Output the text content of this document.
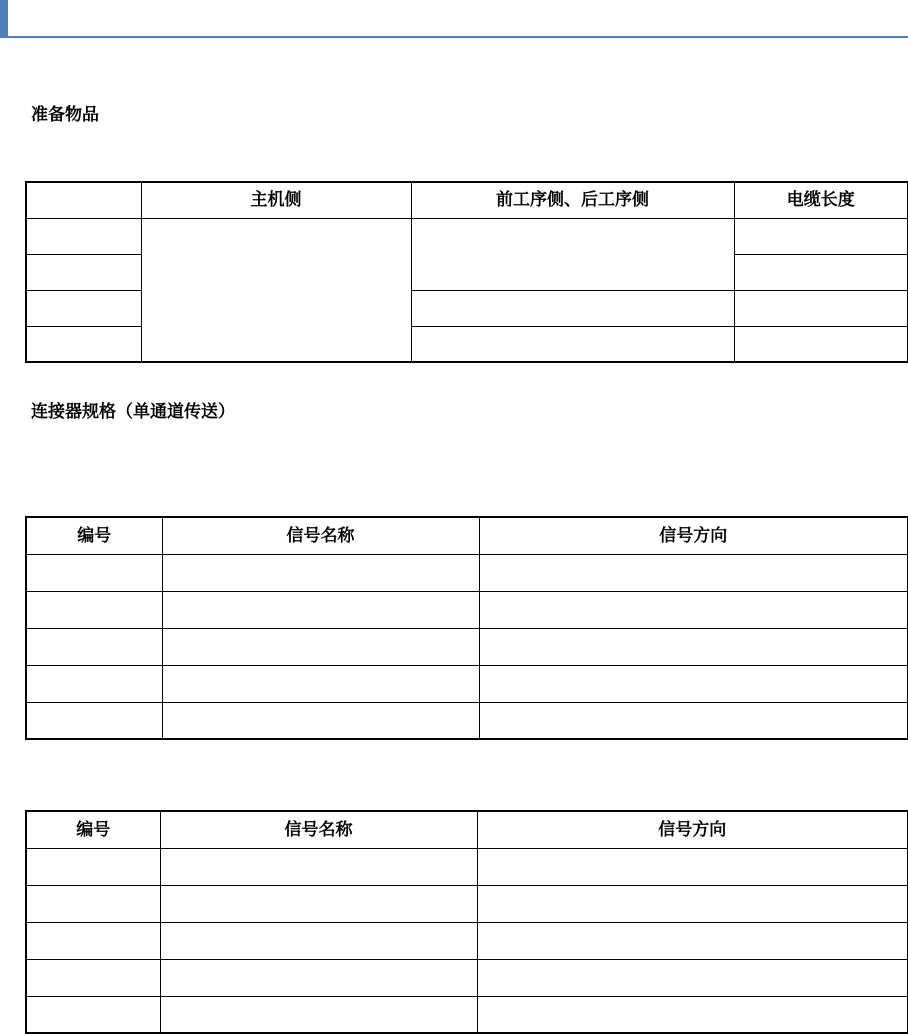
准备物品
	主机侧	前工序侧、后工序侧	电缆长度

连接器规格（单通道传送）
编号	信号名称	信号方向

编号	信号名称	信号方向
